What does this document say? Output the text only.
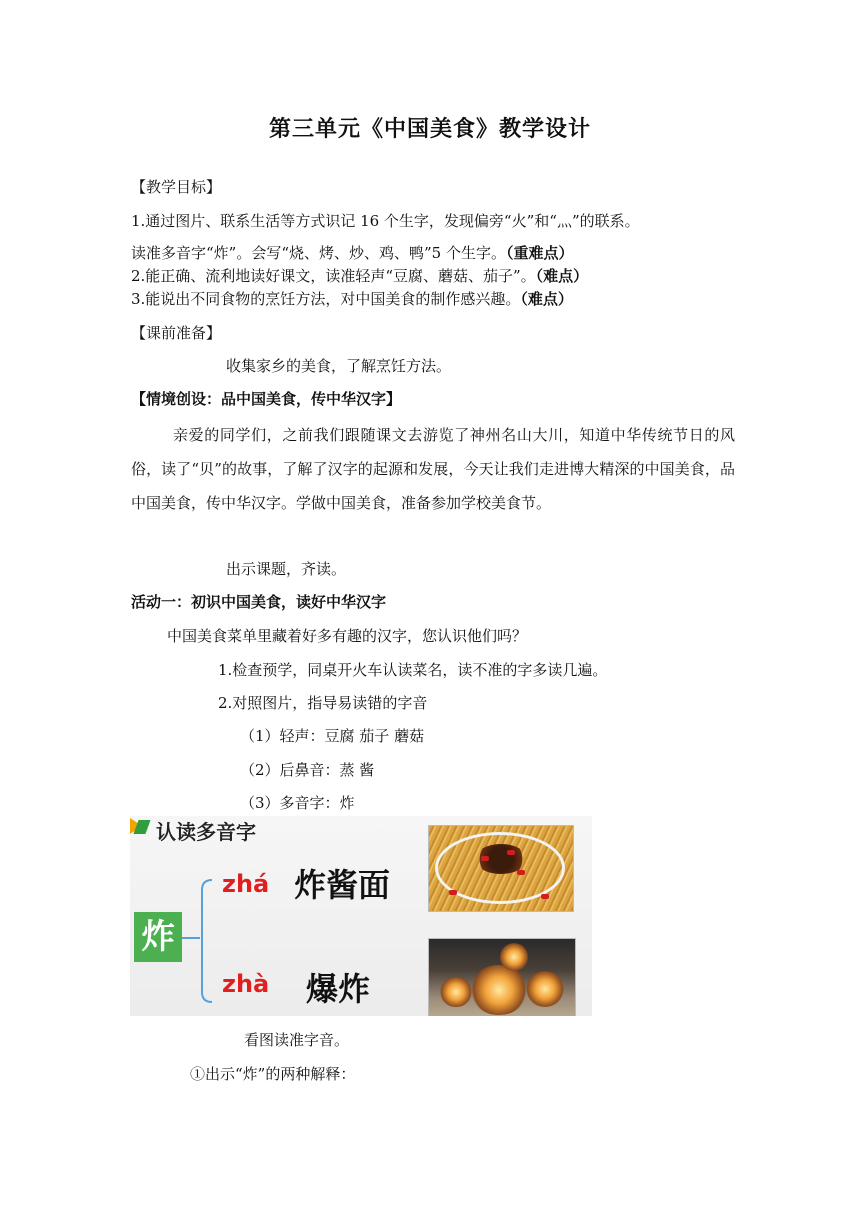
第三单元《中国美食》教学设计
【教学目标】
1.通过图片、联系生活等方式识记 16 个生字，发现偏旁“火”和“灬”的联系。
读准多音字“炸”。会写“烧、烤、炒、鸡、鸭”5 个生字。（重难点）
2.能正确、流利地读好课文，读准轻声“豆腐、蘑菇、茄子”。（难点）
3.能说出不同食物的烹饪方法，对中国美食的制作感兴趣。（难点）
【课前准备】
收集家乡的美食，了解烹饪方法。
【情境创设：品中国美食，传中华汉字】
亲爱的同学们，之前我们跟随课文去游览了神州名山大川，知道中华传统节日的风俗，读了“贝”的故事，了解了汉字的起源和发展，今天让我们走进博大精深的中国美食，品中国美食，传中华汉字。学做中国美食，准备参加学校美食节。
出示课题，齐读。
活动一：初识中国美食，读好中华汉字
中国美食菜单里藏着好多有趣的汉字，您认识他们吗？
1.检查预学，同桌开火车认读菜名，读不准的字多读几遍。
2.对照图片，指导易读错的字音
（1）轻声：豆腐 茄子 蘑菇
（2）后鼻音：蒸 酱
（3）多音字：炸
认读多音字
炸
zhá 炸酱面
zhà 爆炸
看图读准字音。
①出示“炸”的两种解释：
